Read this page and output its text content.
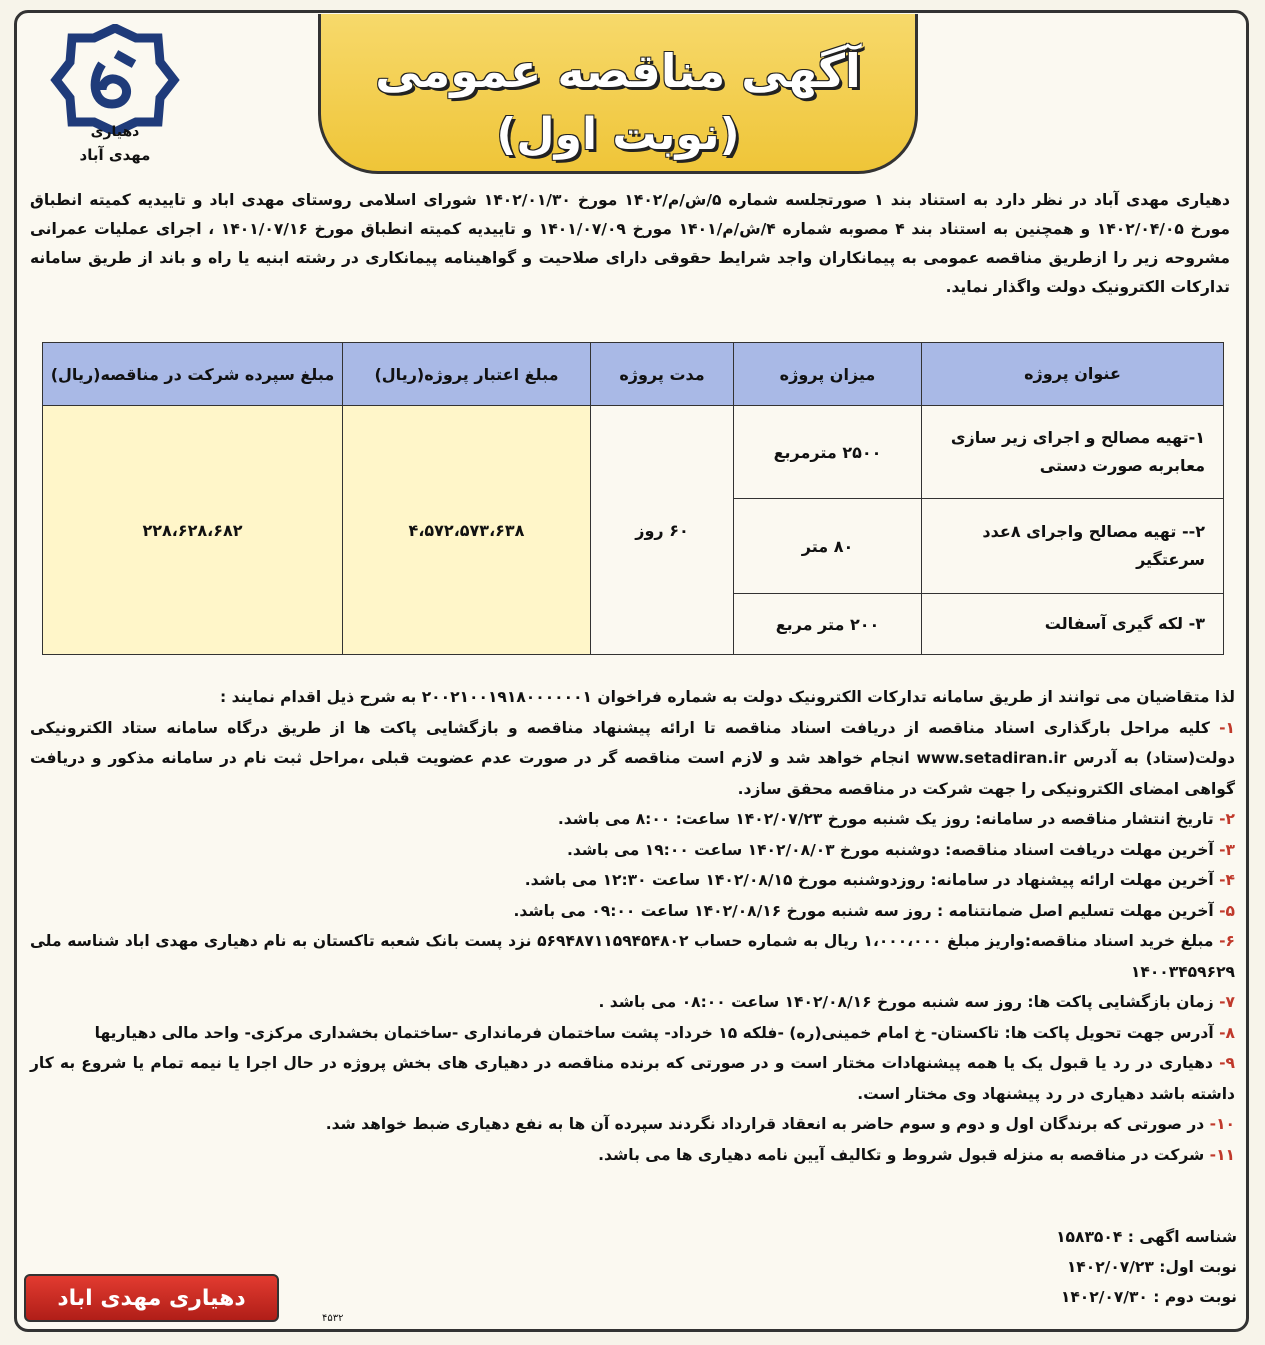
آگهی مناقصه عمومی
(نوبت اول)
دهیاری
مهدی آباد
دهیاری مهدی آباد در نظر دارد به استناد بند ۱ صورتجلسه شماره ۵/ش/م/۱۴۰۲ مورخ ۱۴۰۲/۰۱/۳۰ شورای اسلامی روستای مهدی اباد و تاییدیه کمیته انطباق مورخ ۱۴۰۲/۰۴/۰۵ و همچنین به استناد بند ۴ مصوبه شماره ۴/ش/م/۱۴۰۱ مورخ ۱۴۰۱/۰۷/۰۹ و تاییدیه کمیته انطباق مورخ ۱۴۰۱/۰۷/۱۶ ، اجرای عملیات عمرانی مشروحه زیر را ازطریق مناقصه عمومی به پیمانکاران واجد شرایط حقوقی دارای صلاحیت و گواهینامه پیمانکاری در رشته ابنیه یا راه و باند از طریق سامانه تدارکات الکترونیک دولت واگذار نماید.
عنوان پروژه	میزان پروژه	مدت پروژه	مبلغ اعتبار پروژه(ریال)	مبلغ سپرده شرکت در مناقصه(ریال)
۱-تهیه مصالح و اجرای زیر سازی معابربه صورت دستی	۲۵۰۰ مترمربع	۶۰ روز	۴،۵۷۲،۵۷۳،۶۳۸	۲۲۸،۶۲۸،۶۸۲
۲-- تهیه مصالح واجرای ۸عدد سرعتگیر	۸۰ متر			
۳- لکه گیری آسفالت	۲۰۰ متر مربع			

لذا متقاضیان می توانند از طریق سامانه تدارکات الکترونیک دولت به شماره فراخوان ۲۰۰۲۱۰۰۱۹۱۸۰۰۰۰۰۰۱ به شرح ذیل اقدام نمایند :

۱- کلیه مراحل بارگذاری اسناد مناقصه از دریافت اسناد مناقصه تا ارائه پیشنهاد مناقصه و بازگشایی پاکت ها از طریق درگاه سامانه ستاد الکترونیکی دولت(ستاد) به آدرس www.setadiran.ir انجام خواهد شد و لازم است مناقصه گر در صورت عدم عضویت قبلی ،مراحل ثبت نام در سامانه مذکور و دریافت گواهی امضای الکترونیکی را جهت شرکت در مناقصه محقق سازد.

۲- تاریخ انتشار مناقصه در سامانه: روز یک شنبه مورخ ۱۴۰۲/۰۷/۲۳ ساعت: ۸:۰۰ می باشد.

۳- آخرین مهلت دریافت اسناد مناقصه: دوشنبه مورخ ۱۴۰۲/۰۸/۰۳ ساعت ۱۹:۰۰ می باشد.

۴- آخرین مهلت ارائه پیشنهاد در سامانه: روزدوشنبه مورخ ۱۴۰۲/۰۸/۱۵ ساعت ۱۲:۳۰ می باشد.

۵- آخرین مهلت تسلیم اصل ضمانتنامه : روز سه شنبه مورخ ۱۴۰۲/۰۸/۱۶ ساعت ۰۹:۰۰ می باشد.

۶- مبلغ خرید اسناد مناقصه:واریز مبلغ ۱،۰۰۰،۰۰۰ ریال به شماره حساب ۵۶۹۴۸۷۱۱۵۹۴۵۴۸۰۲ نزد پست بانک شعبه تاکستان به نام دهیاری مهدی اباد شناسه ملی ۱۴۰۰۳۴۵۹۶۲۹

۷- زمان بازگشایی پاکت ها: روز سه شنبه مورخ ۱۴۰۲/۰۸/۱۶ ساعت ۰۸:۰۰ می باشد .

۸- آدرس جهت تحویل پاکت ها: تاکستان- خ امام خمینی(ره) -فلکه ۱۵ خرداد- پشت ساختمان فرمانداری -ساختمان بخشداری مرکزی- واحد مالی دهیاریها

۹- دهیاری در رد یا قبول یک یا همه پیشنهادات مختار است و در صورتی که برنده مناقصه در دهیاری های بخش پروژه در حال اجرا یا نیمه تمام یا شروع به کار داشته باشد دهیاری در رد پیشنهاد وی مختار است.

۱۰- در صورتی که برندگان اول و دوم و سوم حاضر به انعقاد قرارداد نگردند سپرده آن ها به نفع دهیاری ضبط خواهد شد.

۱۱- شرکت در مناقصه به منزله قبول شروط و تکالیف آیین نامه دهیاری ها می باشد.

شناسه اگهی : ۱۵۸۳۵۰۴
نوبت اول: ۱۴۰۲/۰۷/۲۳
نوبت دوم : ۱۴۰۲/۰۷/۳۰
دهیاری مهدی اباد
۴۵۳۲
